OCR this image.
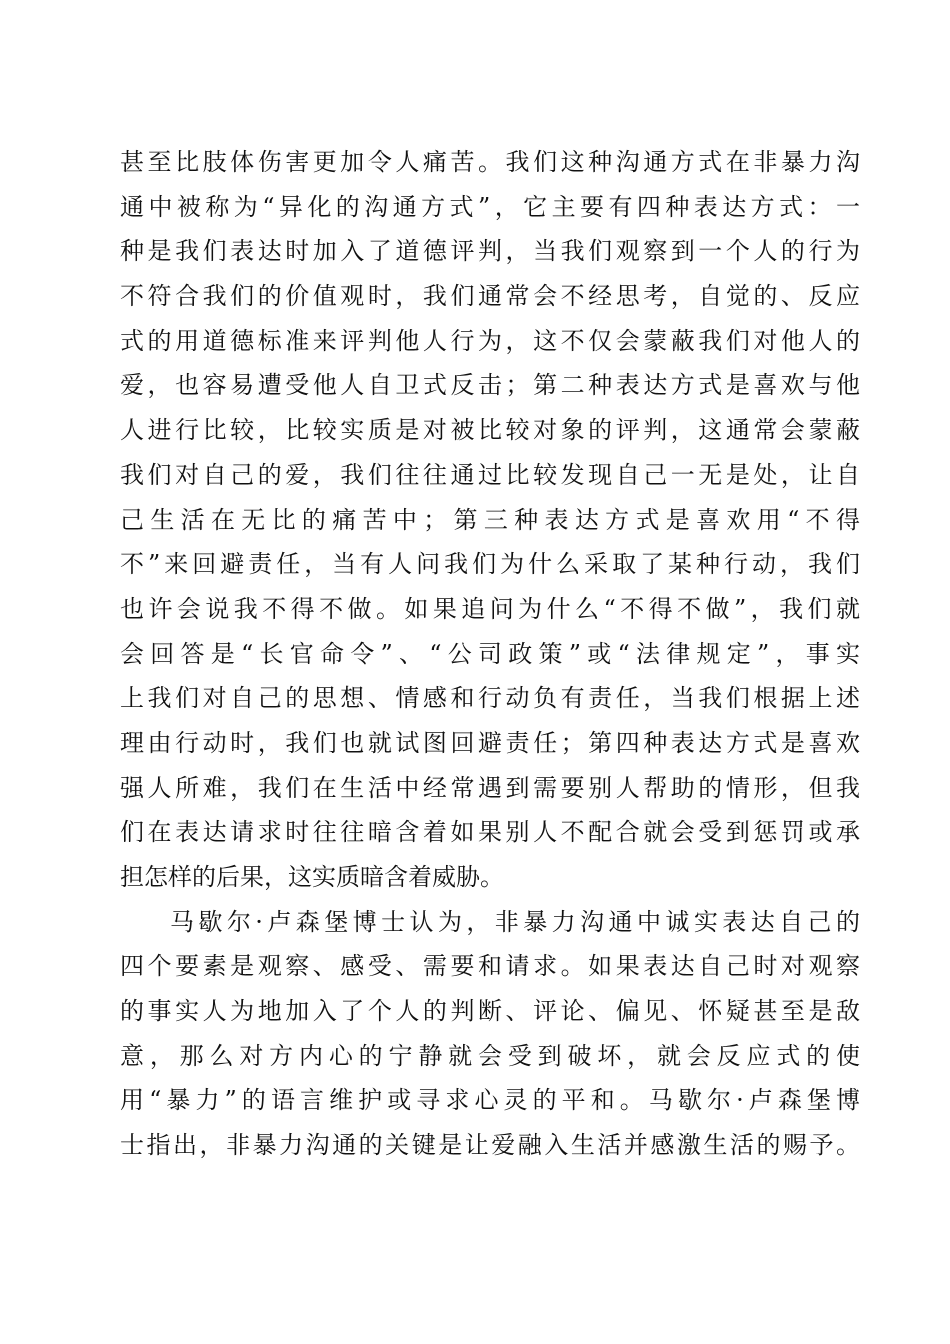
甚至比肢体伤害更加令人痛苦。我们这种沟通方式在非暴力沟
通中被称为“异化的沟通方式”，它主要有四种表达方式：一
种是我们表达时加入了道德评判，当我们观察到一个人的行为
不符合我们的价值观时，我们通常会不经思考，自觉的、反应
式的用道德标准来评判他人行为，这不仅会蒙蔽我们对他人的
爱，也容易遭受他人自卫式反击；第二种表达方式是喜欢与他
人进行比较，比较实质是对被比较对象的评判，这通常会蒙蔽
我们对自己的爱，我们往往通过比较发现自己一无是处，让自
己生活在无比的痛苦中；第三种表达方式是喜欢用“不得
不”来回避责任，当有人问我们为什么采取了某种行动，我们
也许会说我不得不做。如果追问为什么“不得不做”，我们就
会回答是“长官命令”、“公司政策”或“法律规定”，事实
上我们对自己的思想、情感和行动负有责任，当我们根据上述
理由行动时，我们也就试图回避责任；第四种表达方式是喜欢
强人所难，我们在生活中经常遇到需要别人帮助的情形，但我
们在表达请求时往往暗含着如果别人不配合就会受到惩罚或承
担怎样的后果，这实质暗含着威胁。
马歇尔·卢森堡博士认为，非暴力沟通中诚实表达自己的
四个要素是观察、感受、需要和请求。如果表达自己时对观察
的事实人为地加入了个人的判断、评论、偏见、怀疑甚至是敌
意，那么对方内心的宁静就会受到破坏，就会反应式的使
用“暴力”的语言维护或寻求心灵的平和。马歇尔·卢森堡博
士指出，非暴力沟通的关键是让爱融入生活并感激生活的赐予。
